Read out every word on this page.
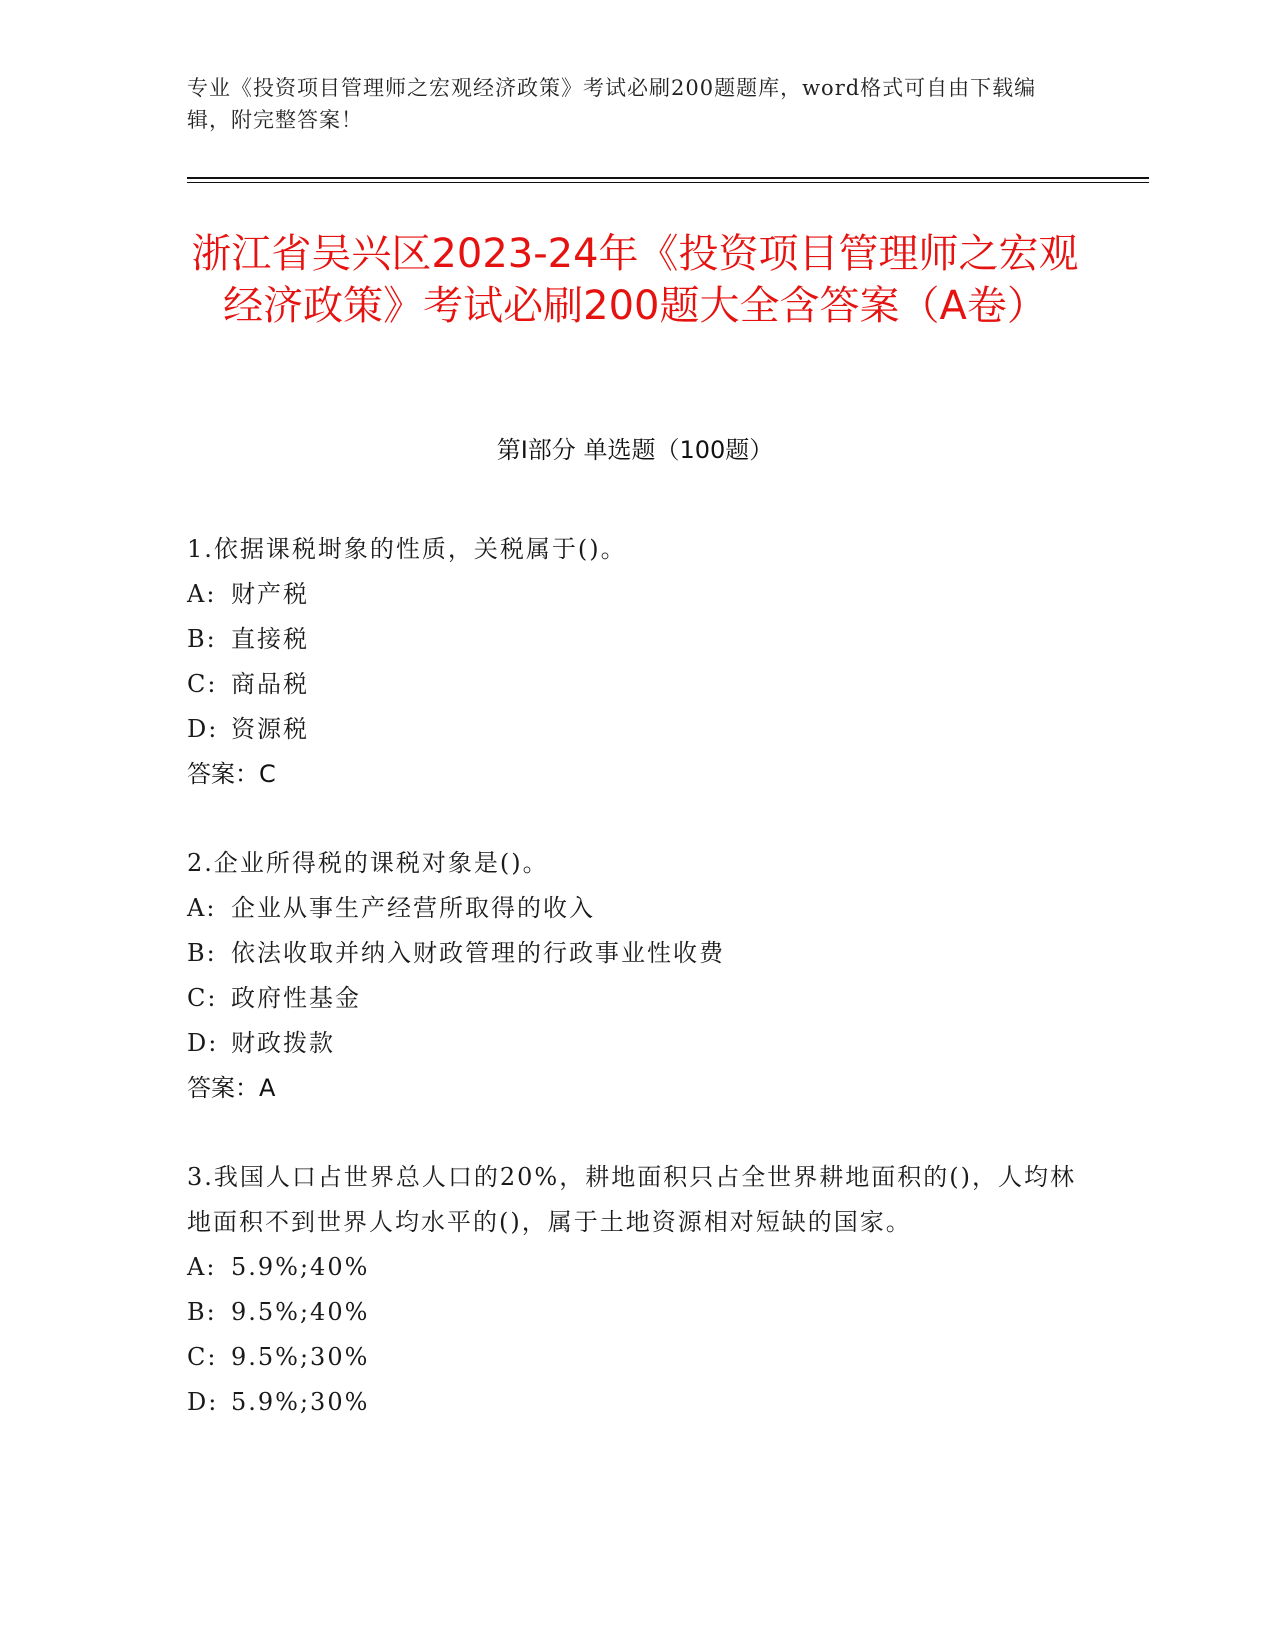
专业《投资项目管理师之宏观经济政策》考试必刷200题题库，word格式可自由下载编辑，附完整答案！
浙江省吴兴区2023-24年《投资项目管理师之宏观经济政策》考试必刷200题大全含答案（A卷）
第Ⅰ部分 单选题（100题）

1.依据课税埘象的性质，关税属于()。

A: 财产税

B: 直接税

C: 商品税

D: 资源税

答案：C

2.企业所得税的课税对象是()。

A: 企业从事生产经营所取得的收入

B: 依法收取并纳入财政管理的行政事业性收费

C: 政府性基金

D: 财政拨款

答案：A

3.我国人口占世界总人口的20%，耕地面积只占全世界耕地面积的()，人均林地面积不到世界人均水平的()，属于土地资源相对短缺的国家。

A: 5.9%;40%

B: 9.5%;40%

C: 9.5%;30%

D: 5.9%;30%
